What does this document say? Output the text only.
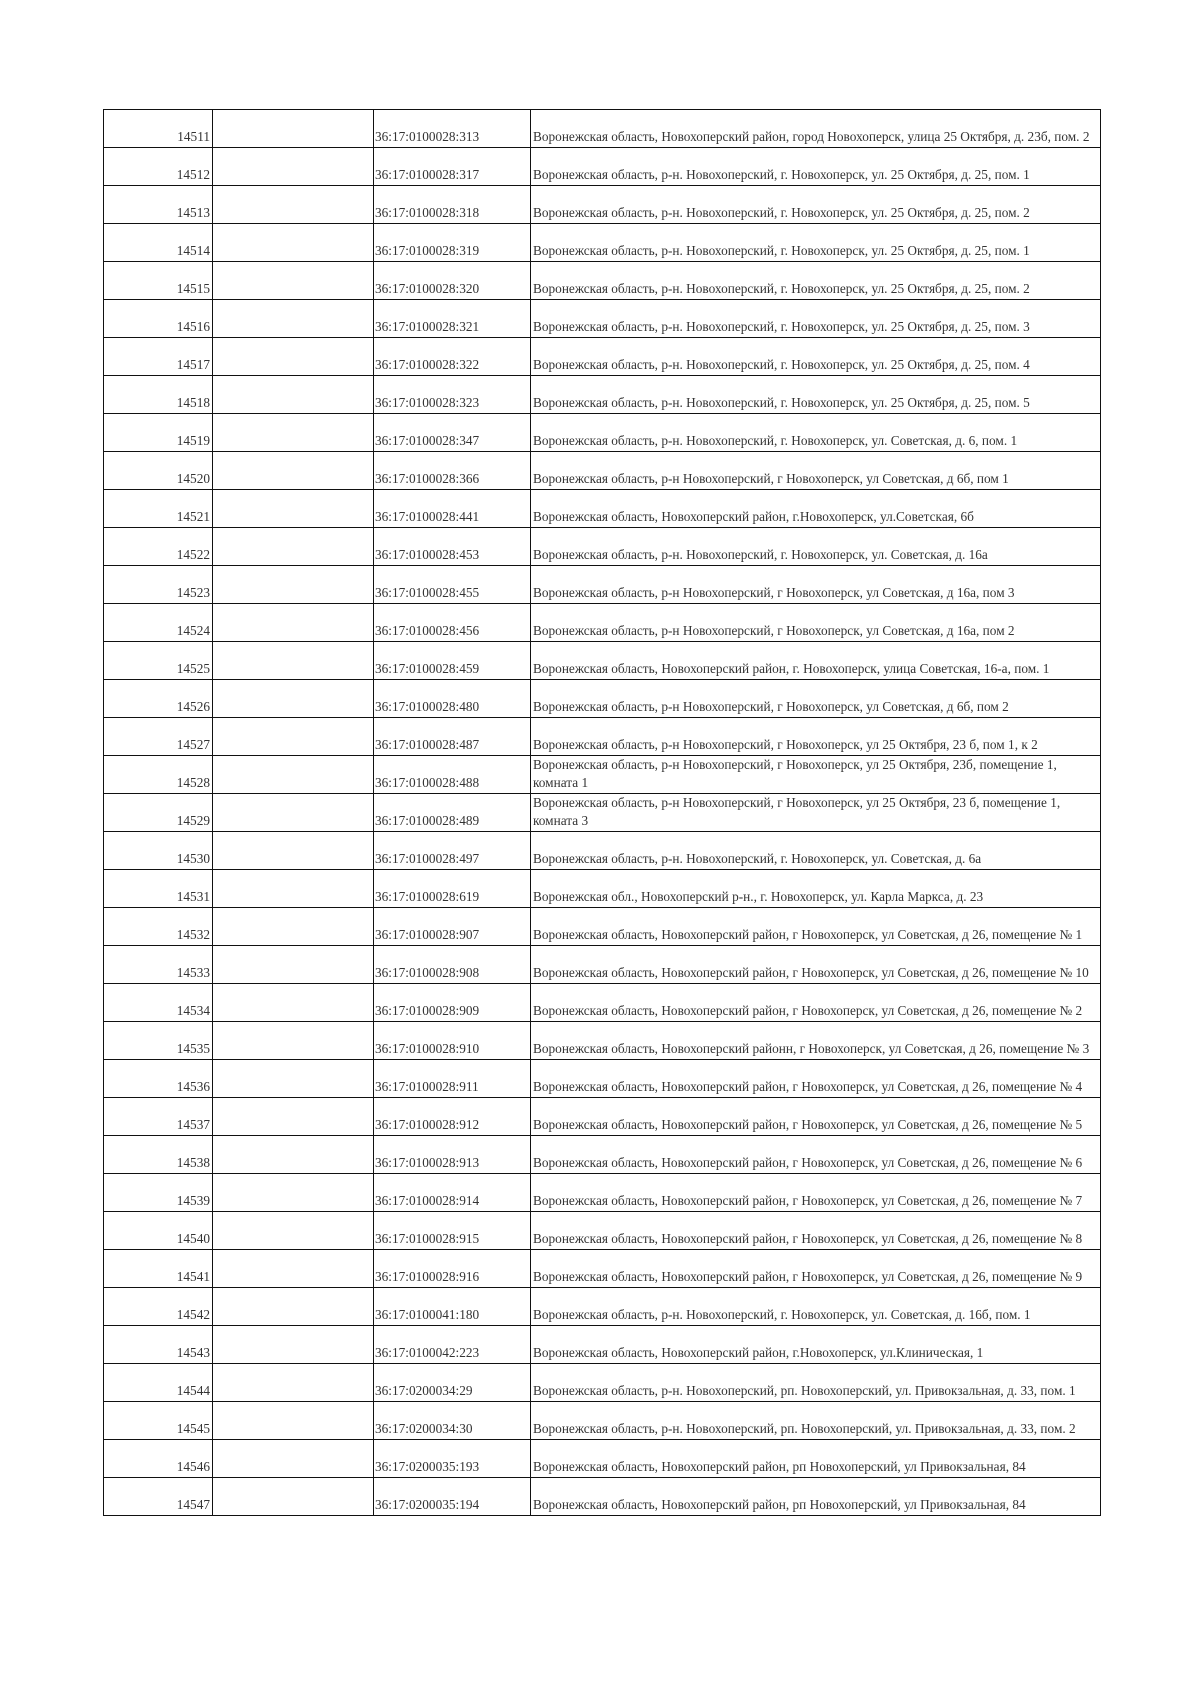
14511		36:17:0100028:313	Воронежская область, Новохоперский район, город Новохоперск, улица 25 Октября, д. 23б, пом. 2
14512		36:17:0100028:317	Воронежская область, р-н. Новохоперский, г. Новохоперск, ул. 25 Октября, д. 25, пом. 1
14513		36:17:0100028:318	Воронежская область, р-н. Новохоперский, г. Новохоперск, ул. 25 Октября, д. 25, пом. 2
14514		36:17:0100028:319	Воронежская область, р-н. Новохоперский, г. Новохоперск, ул. 25 Октября, д. 25, пом. 1
14515		36:17:0100028:320	Воронежская область, р-н. Новохоперский, г. Новохоперск, ул. 25 Октября, д. 25, пом. 2
14516		36:17:0100028:321	Воронежская область, р-н. Новохоперский, г. Новохоперск, ул. 25 Октября, д. 25, пом. 3
14517		36:17:0100028:322	Воронежская область, р-н. Новохоперский, г. Новохоперск, ул. 25 Октября, д. 25, пом. 4
14518		36:17:0100028:323	Воронежская область, р-н. Новохоперский, г. Новохоперск, ул. 25 Октября, д. 25, пом. 5
14519		36:17:0100028:347	Воронежская область, р-н. Новохоперский, г. Новохоперск, ул. Советская, д. 6, пом. 1
14520		36:17:0100028:366	Воронежская область, р-н Новохоперский, г Новохоперск, ул Советская, д 6б, пом 1
14521		36:17:0100028:441	Воронежская область, Новохоперский район, г.Новохоперск, ул.Советская, 6б
14522		36:17:0100028:453	Воронежская область, р-н. Новохоперский, г. Новохоперск, ул. Советская, д. 16а
14523		36:17:0100028:455	Воронежская область, р-н Новохоперский, г Новохоперск, ул Советская, д 16а, пом 3
14524		36:17:0100028:456	Воронежская область, р-н Новохоперский, г Новохоперск, ул Советская, д 16а, пом 2
14525		36:17:0100028:459	Воронежская область, Новохоперский район, г. Новохоперск, улица Советская, 16-а, пом. 1
14526		36:17:0100028:480	Воронежская область, р-н Новохоперский, г Новохоперск, ул Советская, д 6б, пом 2
14527		36:17:0100028:487	Воронежская область, р-н Новохоперский, г Новохоперск, ул 25 Октября, 23 б, пом 1, к 2
14528		36:17:0100028:488	Воронежская область, р-н Новохоперский, г Новохоперск, ул 25 Октября, 23б, помещение 1, комната 1
14529		36:17:0100028:489	Воронежская область, р-н Новохоперский, г Новохоперск, ул 25 Октября, 23 б, помещение 1, комната 3
14530		36:17:0100028:497	Воронежская область, р-н. Новохоперский, г. Новохоперск, ул. Советская, д. 6а
14531		36:17:0100028:619	Воронежская обл., Новохоперский р-н., г. Новохоперск, ул. Карла Маркса, д. 23
14532		36:17:0100028:907	Воронежская область, Новохоперский район, г Новохоперск, ул Советская, д 26, помещение № 1
14533		36:17:0100028:908	Воронежская область, Новохоперский район, г Новохоперск, ул Советская, д 26, помещение № 10
14534		36:17:0100028:909	Воронежская область, Новохоперский район, г Новохоперск, ул Советская, д 26, помещение № 2
14535		36:17:0100028:910	Воронежская область, Новохоперский районн, г Новохоперск, ул Советская, д 26, помещение № 3
14536		36:17:0100028:911	Воронежская область, Новохоперский район, г Новохоперск, ул Советская, д 26, помещение № 4
14537		36:17:0100028:912	Воронежская область, Новохоперский район, г Новохоперск, ул Советская, д 26, помещение № 5
14538		36:17:0100028:913	Воронежская область, Новохоперский район, г Новохоперск, ул Советская, д 26, помещение № 6
14539		36:17:0100028:914	Воронежская область, Новохоперский район, г Новохоперск, ул Советская, д 26, помещение № 7
14540		36:17:0100028:915	Воронежская область, Новохоперский район, г Новохоперск, ул Советская, д 26, помещение № 8
14541		36:17:0100028:916	Воронежская область, Новохоперский район, г Новохоперск, ул Советская, д 26, помещение № 9
14542		36:17:0100041:180	Воронежская область, р-н. Новохоперский, г. Новохоперск, ул. Советская, д. 16б, пом. 1
14543		36:17:0100042:223	Воронежская область, Новохоперский район, г.Новохоперск, ул.Клиническая, 1
14544		36:17:0200034:29	Воронежская область, р-н. Новохоперский, рп. Новохоперский, ул. Привокзальная, д. 33, пом. 1
14545		36:17:0200034:30	Воронежская область, р-н. Новохоперский, рп. Новохоперский, ул. Привокзальная, д. 33, пом. 2
14546		36:17:0200035:193	Воронежская область, Новохоперский район, рп Новохоперский, ул Привокзальная, 84
14547		36:17:0200035:194	Воронежская область, Новохоперский район, рп Новохоперский, ул Привокзальная, 84
